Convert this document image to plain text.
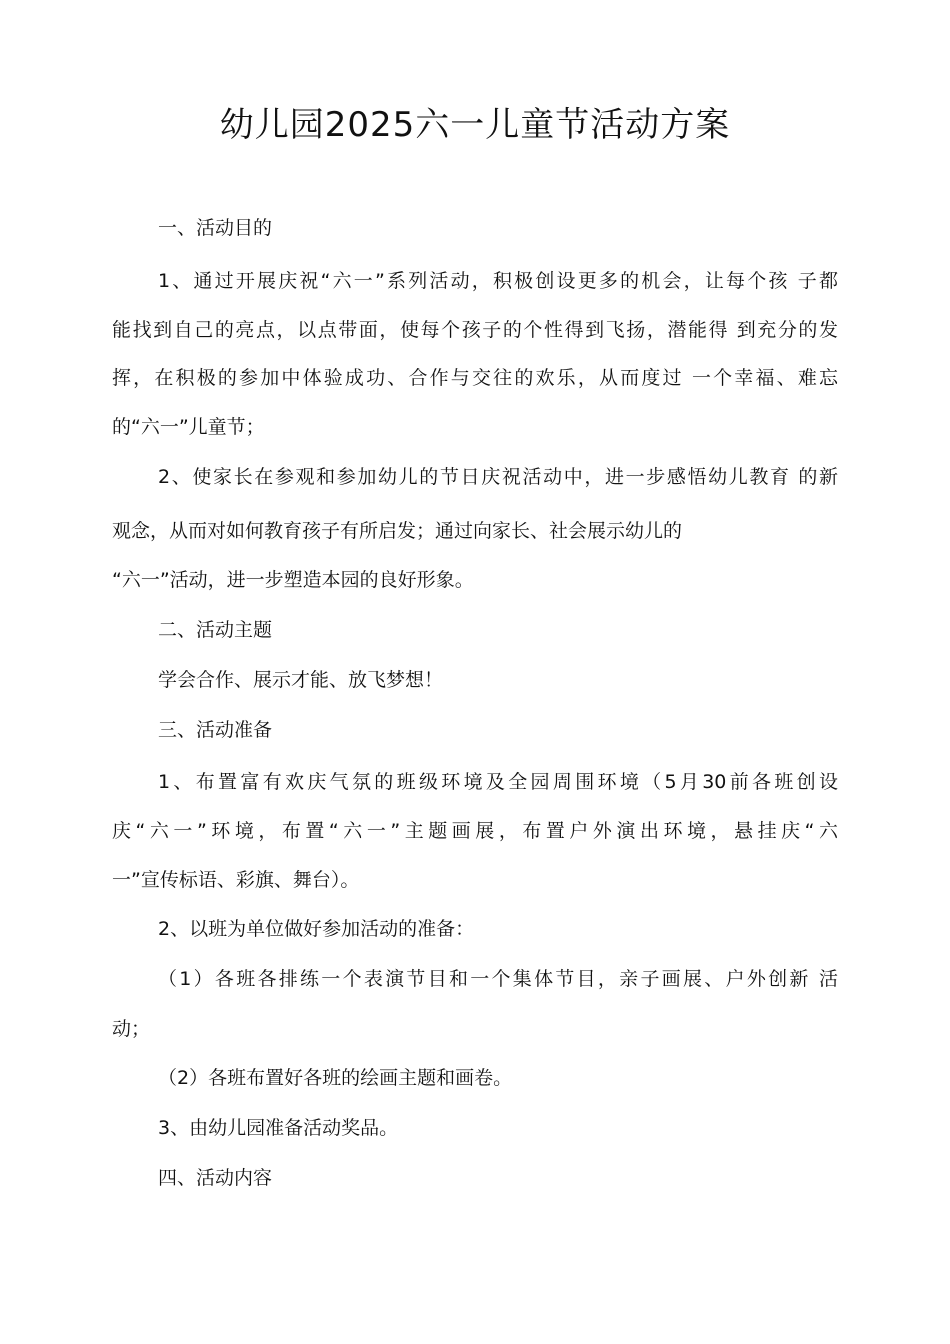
幼儿园2025六一儿童节活动方案
一、活动目的
1、通过开展庆祝“六一”系列活动，积极创设更多的机会，让每个孩 子都
能找到自己的亮点，以点带面，使每个孩子的个性得到飞扬，潜能得 到充分的发
挥，在积极的参加中体验成功、合作与交往的欢乐，从而度过 一个幸福、难忘
的“六一”儿童节；
2、使家长在参观和参加幼儿的节日庆祝活动中，进一步感悟幼儿教育 的新
观念，从而对如何教育孩子有所启发；通过向家长、社会展示幼儿的
“六一”活动，进一步塑造本园的良好形象。
二、活动主题
学会合作、展示才能、放飞梦想！
三、活动准备
1、布置富有欢庆气氛的班级环境及全园周围环境（5月30前各班创设
庆“六一”环境，布置“六一”主题画展，布置户外演出环境，悬挂庆“六
一”宣传标语、彩旗、舞台）。
2、以班为单位做好参加活动的准备：
（1）各班各排练一个表演节目和一个集体节目，亲子画展、户外创新 活
动；
（2）各班布置好各班的绘画主题和画卷。
3、由幼儿园准备活动奖品。
四、活动内容
